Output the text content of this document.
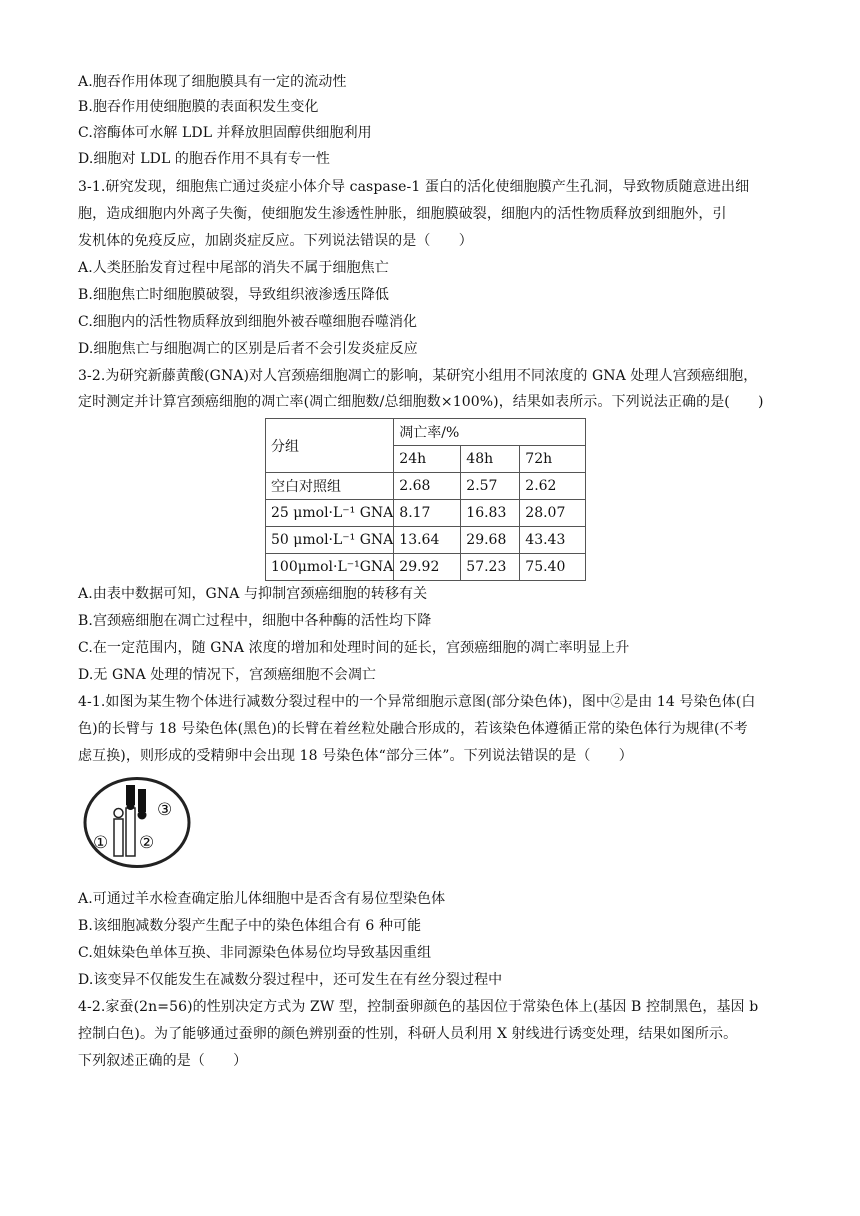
A.胞吞作用体现了细胞膜具有一定的流动性
B.胞吞作用使细胞膜的表面积发生变化
C.溶酶体可水解 LDL 并释放胆固醇供细胞利用
D.细胞对 LDL 的胞吞作用不具有专一性
3-1.研究发现，细胞焦亡通过炎症小体介导 caspase-1 蛋白的活化使细胞膜产生孔洞，导致物质随意进出细
胞，造成细胞内外离子失衡，使细胞发生渗透性肿胀，细胞膜破裂，细胞内的活性物质释放到细胞外，引
发机体的免疫反应，加剧炎症反应。下列说法错误的是（　　）
A.人类胚胎发育过程中尾部的消失不属于细胞焦亡
B.细胞焦亡时细胞膜破裂，导致组织液渗透压降低
C.细胞内的活性物质释放到细胞外被吞噬细胞吞噬消化
D.细胞焦亡与细胞凋亡的区别是后者不会引发炎症反应
3-2.为研究新藤黄酸(GNA)对人宫颈癌细胞凋亡的影响，某研究小组用不同浓度的 GNA 处理人宫颈癌细胞，
定时测定并计算宫颈癌细胞的凋亡率(凋亡细胞数/总细胞数×100%)，结果如表所示。下列说法正确的是(　　)
分组	凋亡率/%		
	24h	48h	72h
空白对照组	2.68	2.57	2.62
25 μmol·L⁻¹ GNA	8.17	16.83	28.07
50 μmol·L⁻¹ GNA	13.64	29.68	43.43
100μmol·L⁻¹GNA	29.92	57.23	75.40
A.由表中数据可知，GNA 与抑制宫颈癌细胞的转移有关
B.宫颈癌细胞在凋亡过程中，细胞中各种酶的活性均下降
C.在一定范围内，随 GNA 浓度的增加和处理时间的延长，宫颈癌细胞的凋亡率明显上升
D.无 GNA 处理的情况下，宫颈癌细胞不会凋亡
4-1.如图为某生物个体进行减数分裂过程中的一个异常细胞示意图(部分染色体)，图中②是由 14 号染色体(白
色)的长臂与 18 号染色体(黑色)的长臂在着丝粒处融合形成的，若该染色体遵循正常的染色体行为规律(不考
虑互换)，则形成的受精卵中会出现 18 号染色体“部分三体”。下列说法错误的是（　　）
① ②
③
A.可通过羊水检查确定胎儿体细胞中是否含有易位型染色体
B.该细胞减数分裂产生配子中的染色体组合有 6 种可能
C.姐妹染色单体互换、非同源染色体易位均导致基因重组
D.该变异不仅能发生在减数分裂过程中，还可发生在有丝分裂过程中
4-2.家蚕(2n=56)的性别决定方式为 ZW 型，控制蚕卵颜色的基因位于常染色体上(基因 B 控制黑色，基因 b
控制白色)。为了能够通过蚕卵的颜色辨别蚕的性别，科研人员利用 X 射线进行诱变处理，结果如图所示。
下列叙述正确的是（　　）
